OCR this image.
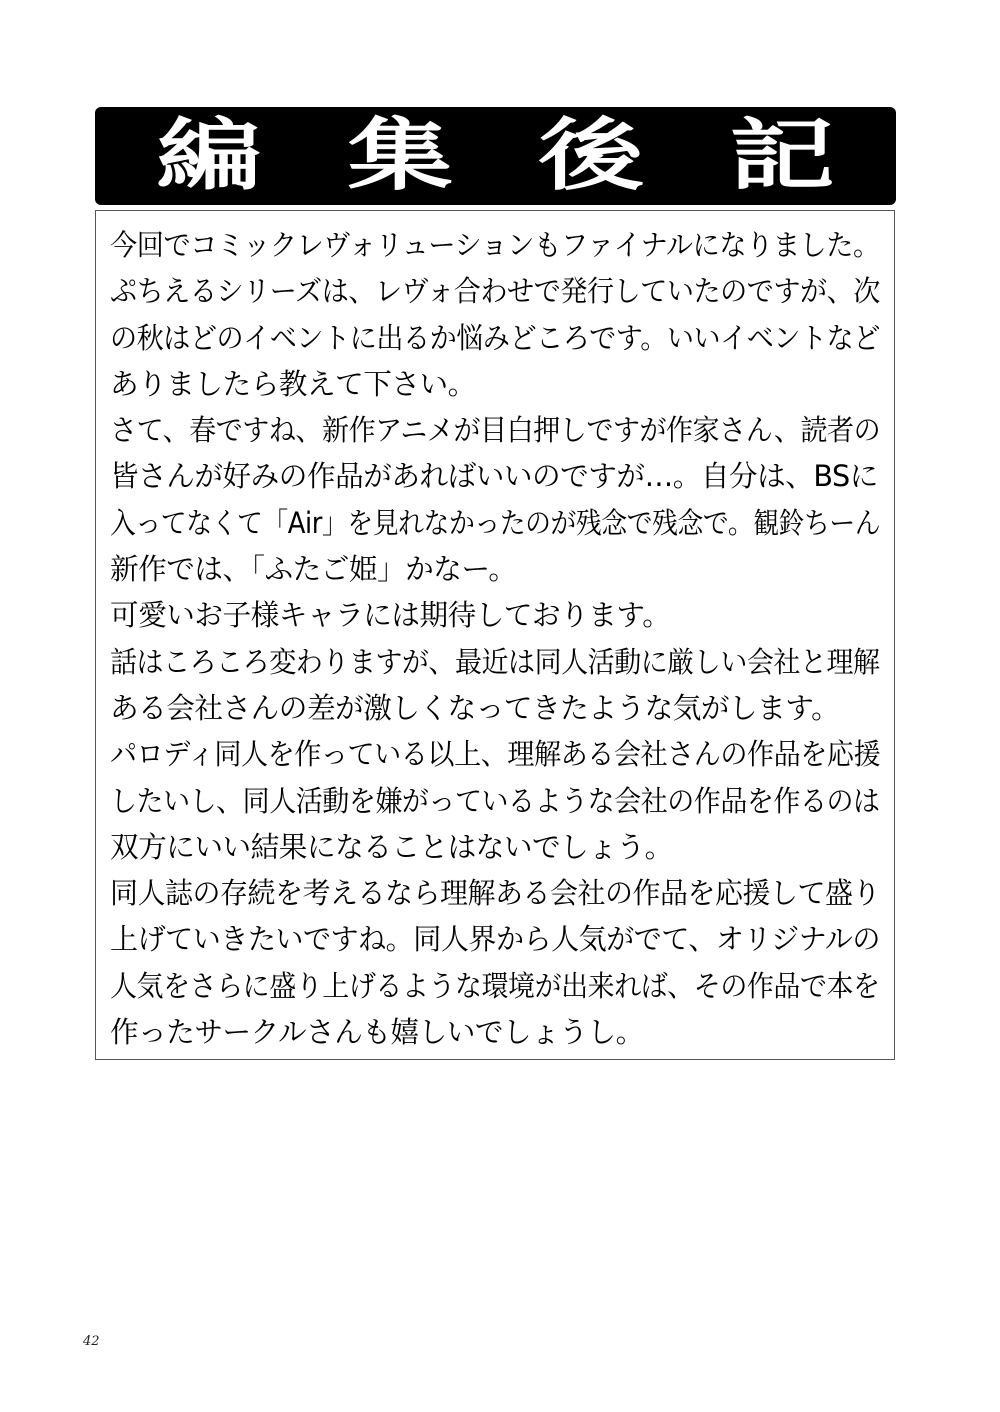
編 集 後 記
今回でコミックレヴォリューションもファイナルになりました。
ぷちえるシリーズは、レヴォ合わせで発行していたのですが、次
の秋はどのイベントに出るか悩みどころです。いいイベントなど
ありましたら教えて下さい。
さて、春ですね、新作アニメが目白押しですが作家さん、読者の
皆さんが好みの作品があればいいのですが…。自分は、BSに
入ってなくて「Air」を見れなかったのが残念で残念で。観鈴ちーん
新作では、「ふたご姫」かなー。
可愛いお子様キャラには期待しております。
話はころころ変わりますが、最近は同人活動に厳しい会社と理解
ある会社さんの差が激しくなってきたような気がします。
パロディ同人を作っている以上、理解ある会社さんの作品を応援
したいし、同人活動を嫌がっているような会社の作品を作るのは
双方にいい結果になることはないでしょう。
同人誌の存続を考えるなら理解ある会社の作品を応援して盛り
上げていきたいですね。同人界から人気がでて、オリジナルの
人気をさらに盛り上げるような環境が出来れば、その作品で本を
作ったサークルさんも嬉しいでしょうし。
42
